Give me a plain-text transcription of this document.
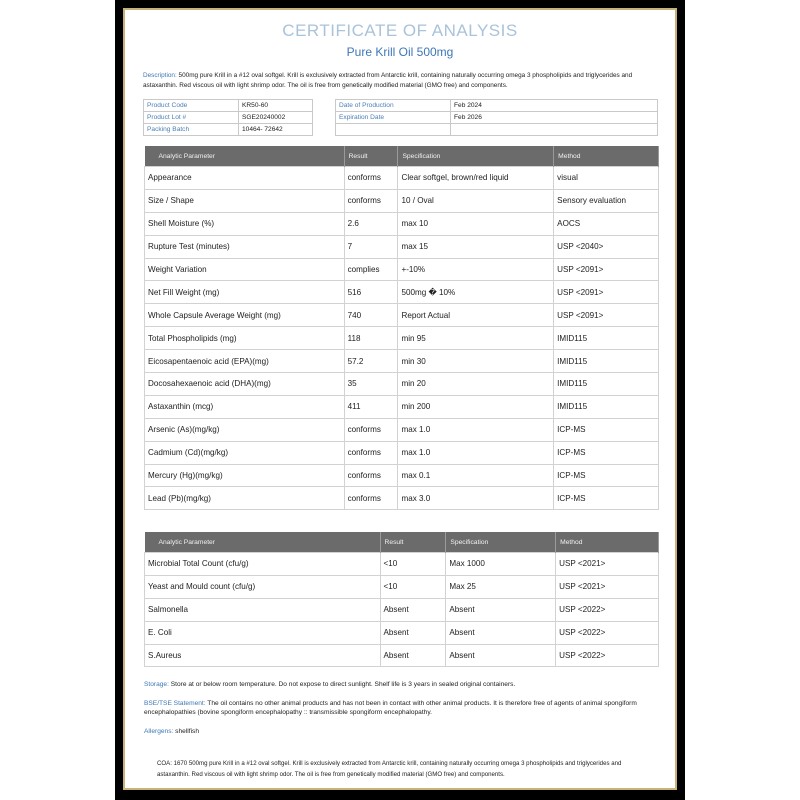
CERTIFICATE OF ANALYSIS
Pure Krill Oil 500mg
Description: 500mg pure Krill in a #12 oval softgel. Krill is exclusively extracted from Antarctic krill, containing naturally occurring omega 3 phospholipids and triglycerides and astaxanthin. Red viscous oil with light shrimp odor. The oil is free from genetically modified material (GMO free) and components.
Product Code	KR50-60
Product Lot #	SGE20240002
Packing Batch	10464- 72642
Date of Production	Feb 2024
Expiration Date	Feb 2026

Analytic Parameter	Result	Specification	Method
Appearance	conforms	Clear softgel, brown/red liquid	visual
Size / Shape	conforms	10 / Oval	Sensory evaluation
Shell Moisture (%)	2.6	max 10	AOCS
Rupture Test (minutes)	7	max 15	USP <2040>
Weight Variation	complies	+-10%	USP <2091>
Net Fill Weight (mg)	516	500mg � 10%	USP <2091>
Whole Capsule Average Weight (mg)	740	Report Actual	USP <2091>
Total Phospholipids (mg)	118	min 95	IMID115
Eicosapentaenoic acid (EPA)(mg)	57.2	min 30	IMID115
Docosahexaenoic acid (DHA)(mg)	35	min 20	IMID115
Astaxanthin (mcg)	411	min 200	IMID115
Arsenic (As)(mg/kg)	conforms	max 1.0	ICP-MS
Cadmium (Cd)(mg/kg)	conforms	max 1.0	ICP-MS
Mercury (Hg)(mg/kg)	conforms	max 0.1	ICP-MS
Lead (Pb)(mg/kg)	conforms	max 3.0	ICP-MS
Analytic Parameter	Result	Specification	Method
Microbial Total Count (cfu/g)	<10	Max 1000	USP <2021>
Yeast and Mould count (cfu/g)	<10	Max 25	USP <2021>
Salmonella	Absent	Absent	USP <2022>
E. Coli	Absent	Absent	USP <2022>
S.Aureus	Absent	Absent	USP <2022>
Storage: Store at or below room temperature. Do not expose to direct sunlight. Shelf life is 3 years in sealed original containers.
BSE/TSE Statement: The oil contains no other animal products and has not been in contact with other animal products. It is therefore free of agents of animal spongiform encephalopathies (bovine spongiform encephalopathy :: transmissible spongiform encephalopathy.
Allergens: shellfish
COA: 1670 500mg pure Krill in a #12 oval softgel. Krill is exclusively extracted from Antarctic krill, containing naturally occurring omega 3 phospholipids and triglycerides and
astaxanthin. Red viscous oil with light shrimp odor. The oil is free from genetically modified material (GMO free) and components.
